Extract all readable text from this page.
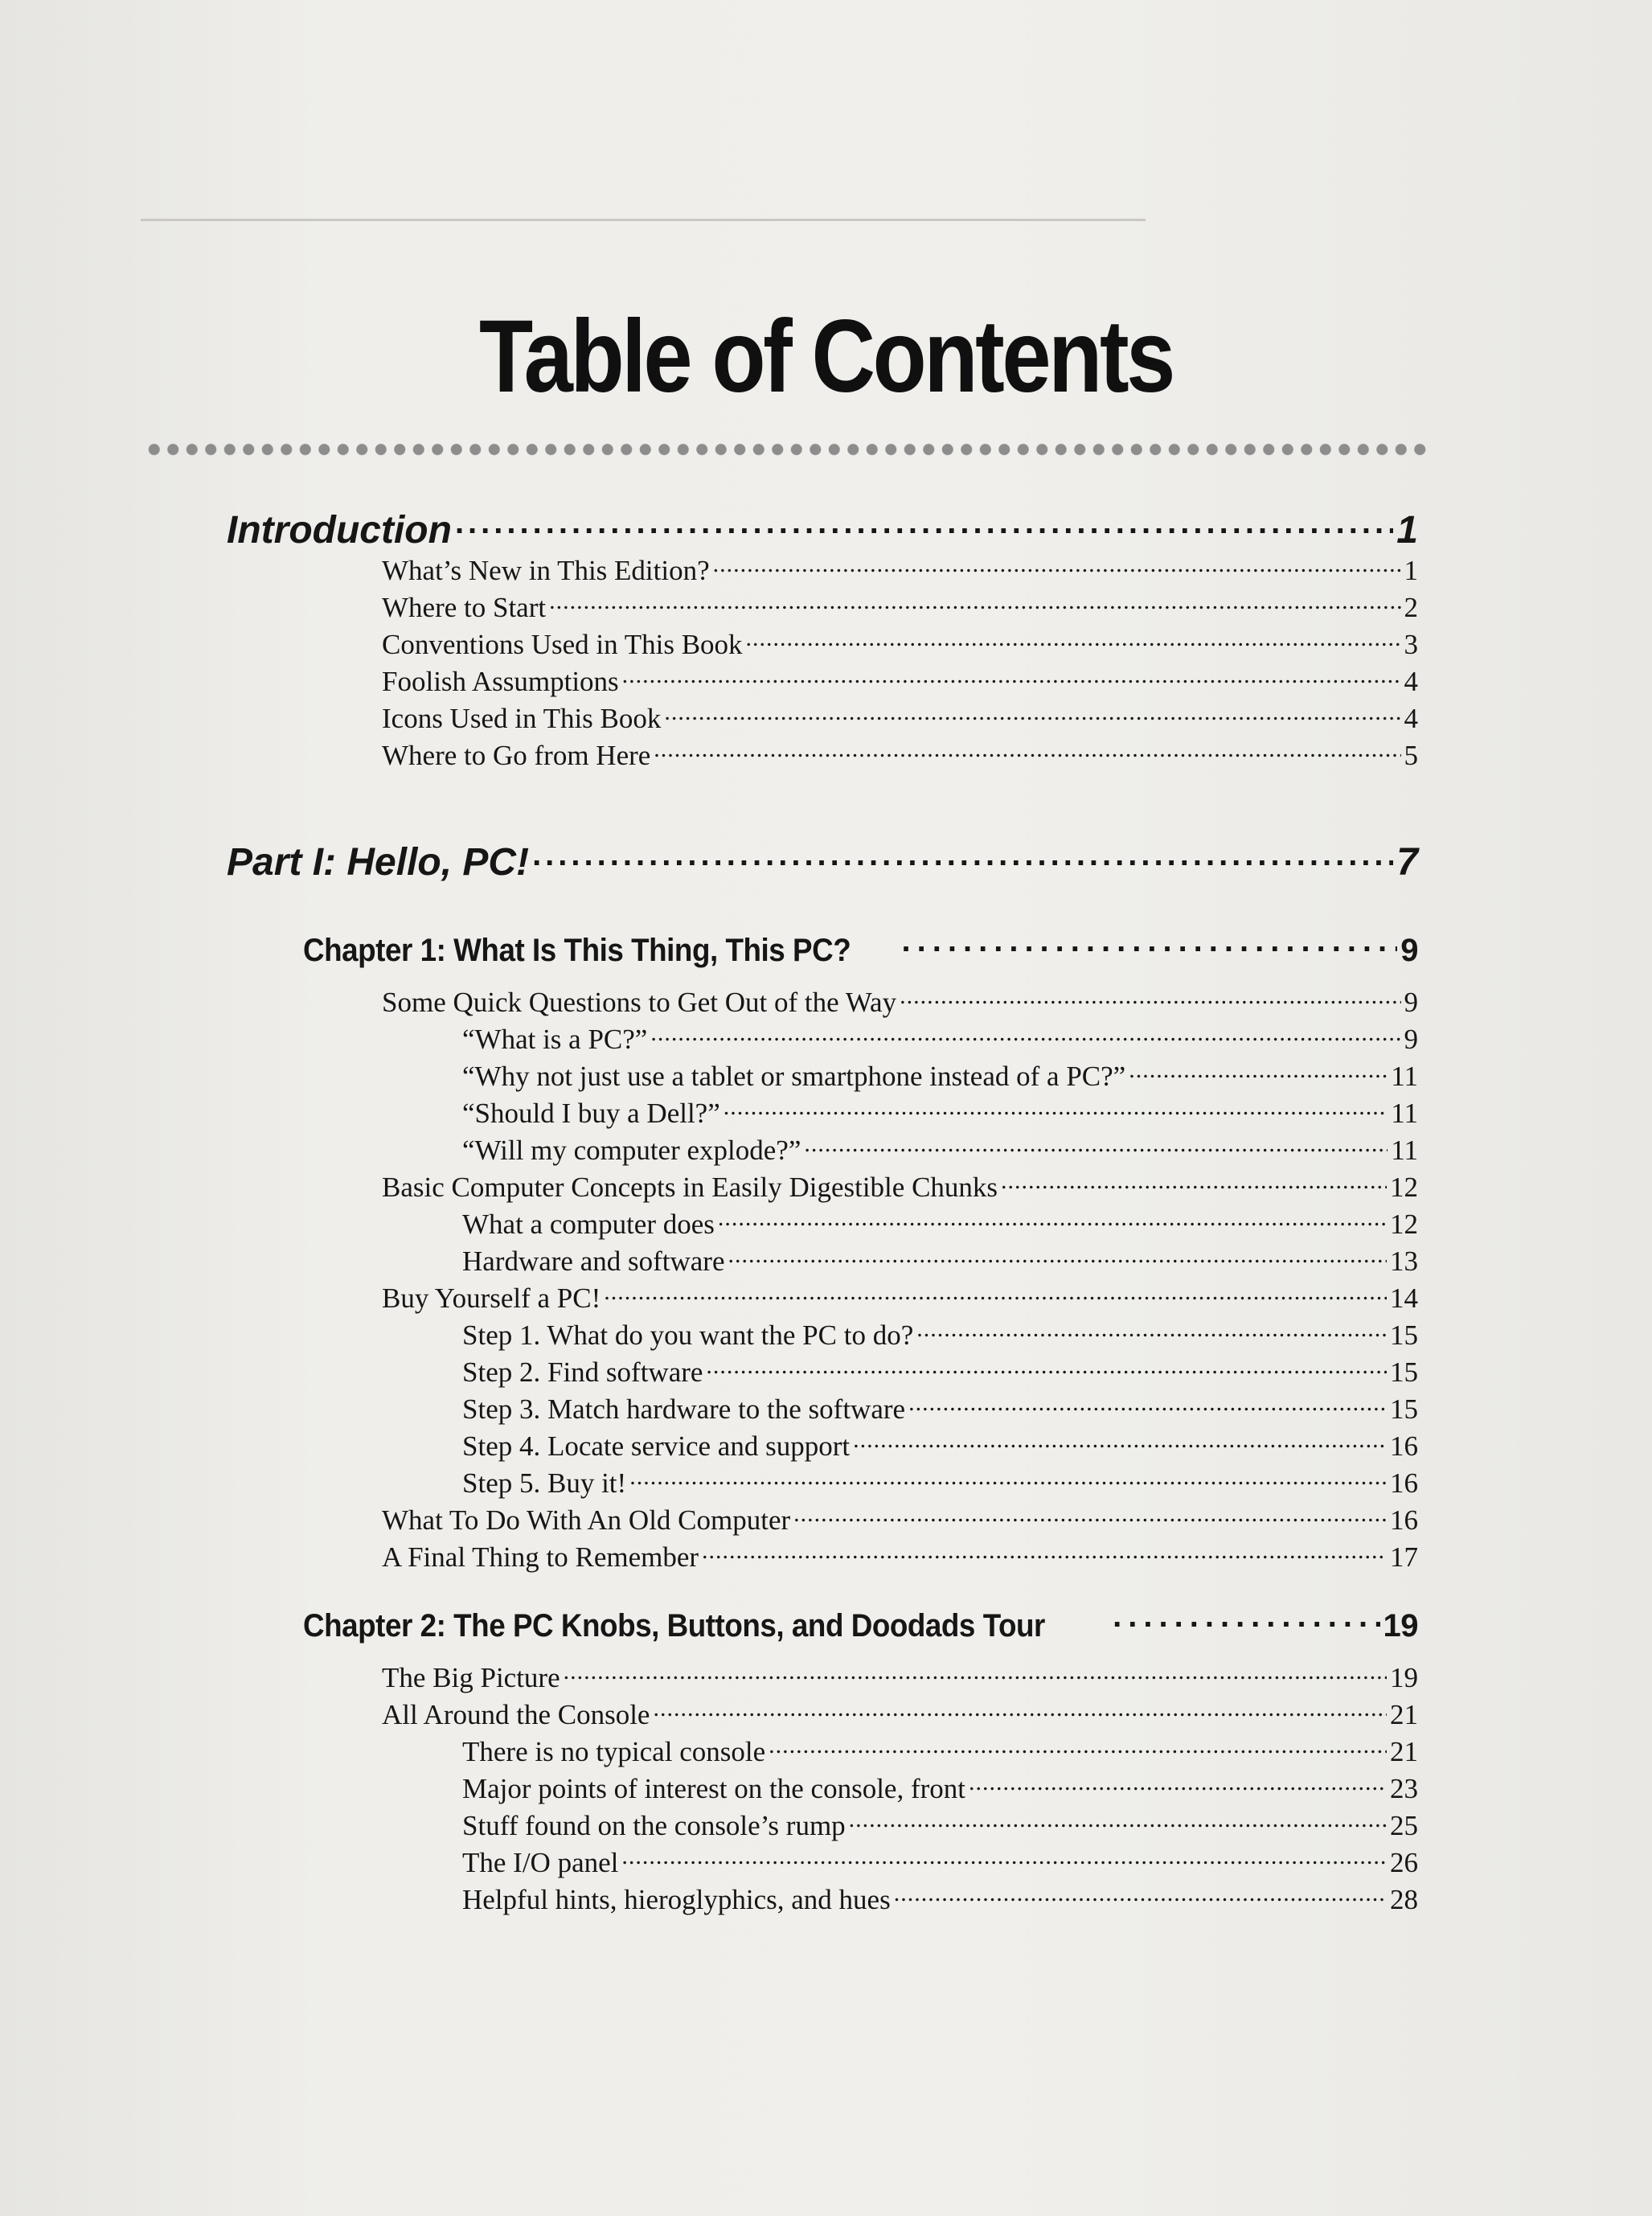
Table of Contents
Introduction .....	1
What’s New in This Edition? .....	1
Where to Start .....	2
Conventions Used in This Book .....	3
Foolish Assumptions .....	4
Icons Used in This Book .....	4
Where to Go from Here .....	5
Part I: Hello, PC! .....	7
Chapter 1: What Is This Thing, This PC? .....	9
Some Quick Questions to Get Out of the Way .....	9
“What is a PC?” .....	9
“Why not just use a tablet or smartphone instead of a PC?” .....	11
“Should I buy a Dell?” .....	11
“Will my computer explode?” .....	11
Basic Computer Concepts in Easily Digestible Chunks .....	12
What a computer does .....	12
Hardware and software .....	13
Buy Yourself a PC! .....	14
Step 1. What do you want the PC to do? .....	15
Step 2. Find software .....	15
Step 3. Match hardware to the software .....	15
Step 4. Locate service and support .....	16
Step 5. Buy it! .....	16
What To Do With An Old Computer .....	16
A Final Thing to Remember .....	17
Chapter 2: The PC Knobs, Buttons, and Doodads Tour .....	19
The Big Picture .....	19
All Around the Console .....	21
There is no typical console .....	21
Major points of interest on the console, front .....	23
Stuff found on the console’s rump .....	25
The I/O panel .....	26
Helpful hints, hieroglyphics, and hues .....	28
